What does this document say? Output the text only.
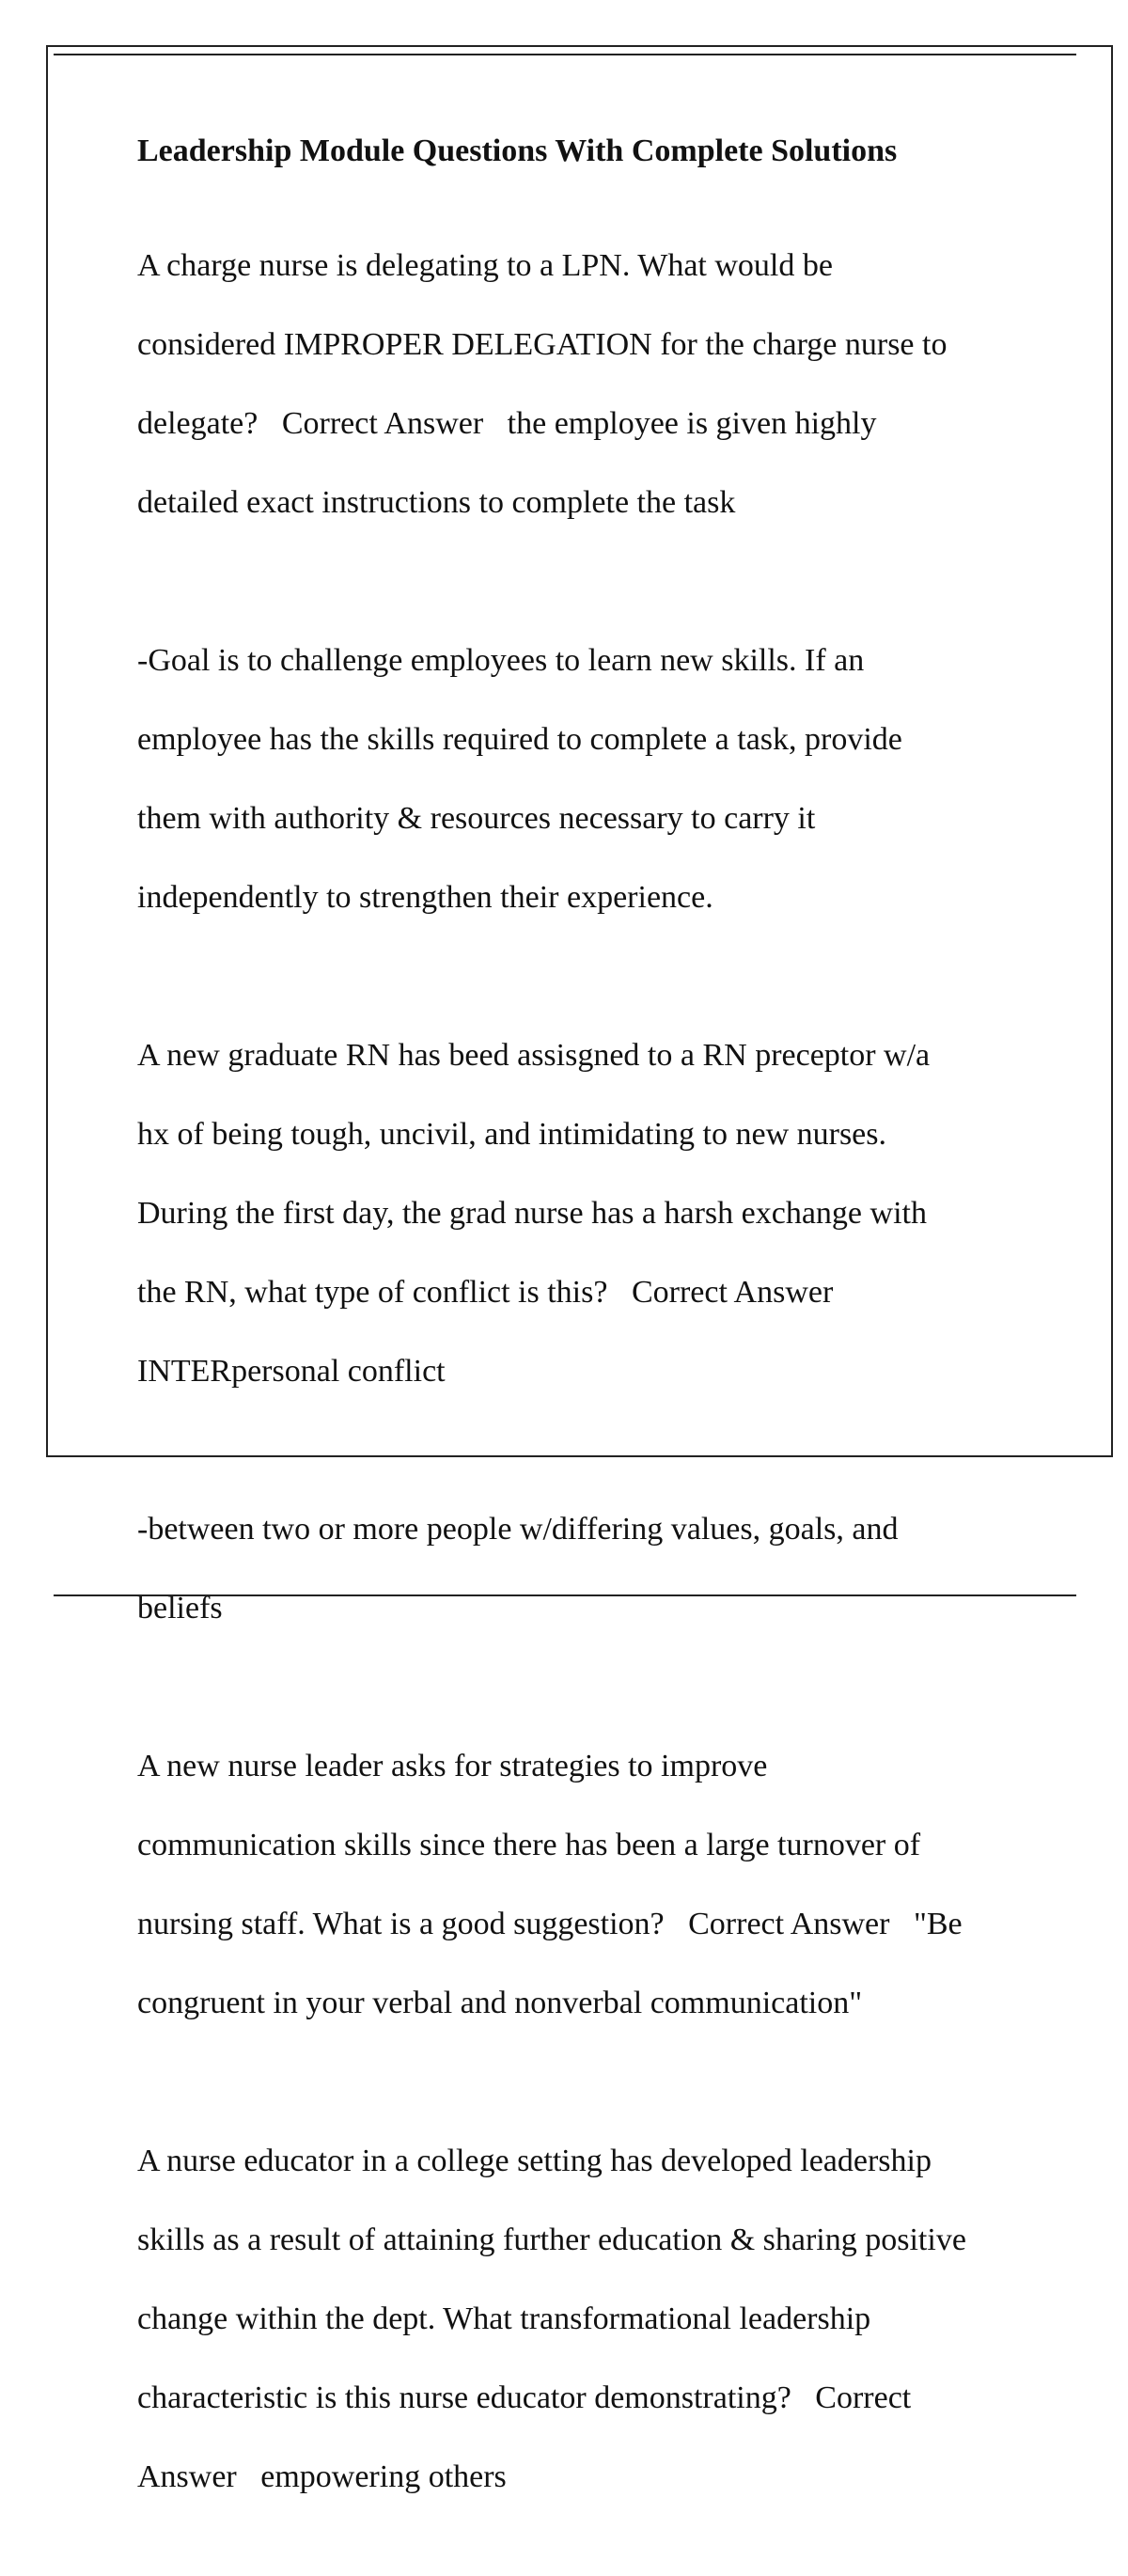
Leadership Module Questions With Complete Solutions

A charge nurse is delegating to a LPN. What would be

considered IMPROPER DELEGATION for the charge nurse to

delegate?   Correct Answer   the employee is given highly

detailed exact instructions to complete the task

-Goal is to challenge employees to learn new skills. If an

employee has the skills required to complete a task, provide

them with authority & resources necessary to carry it

independently to strengthen their experience.

A new graduate RN has beed assisgned to a RN preceptor w/a

hx of being tough, uncivil, and intimidating to new nurses.

During the first day, the grad nurse has a harsh exchange with

the RN, what type of conflict is this?   Correct Answer

INTERpersonal conflict

-between two or more people w/differing values, goals, and

beliefs

A new nurse leader asks for strategies to improve

communication skills since there has been a large turnover of

nursing staff. What is a good suggestion?   Correct Answer   "Be

congruent in your verbal and nonverbal communication"

A nurse educator in a college setting has developed leadership

skills as a result of attaining further education & sharing positive

change within the dept. What transformational leadership

characteristic is this nurse educator demonstrating?   Correct

Answer   empowering others
